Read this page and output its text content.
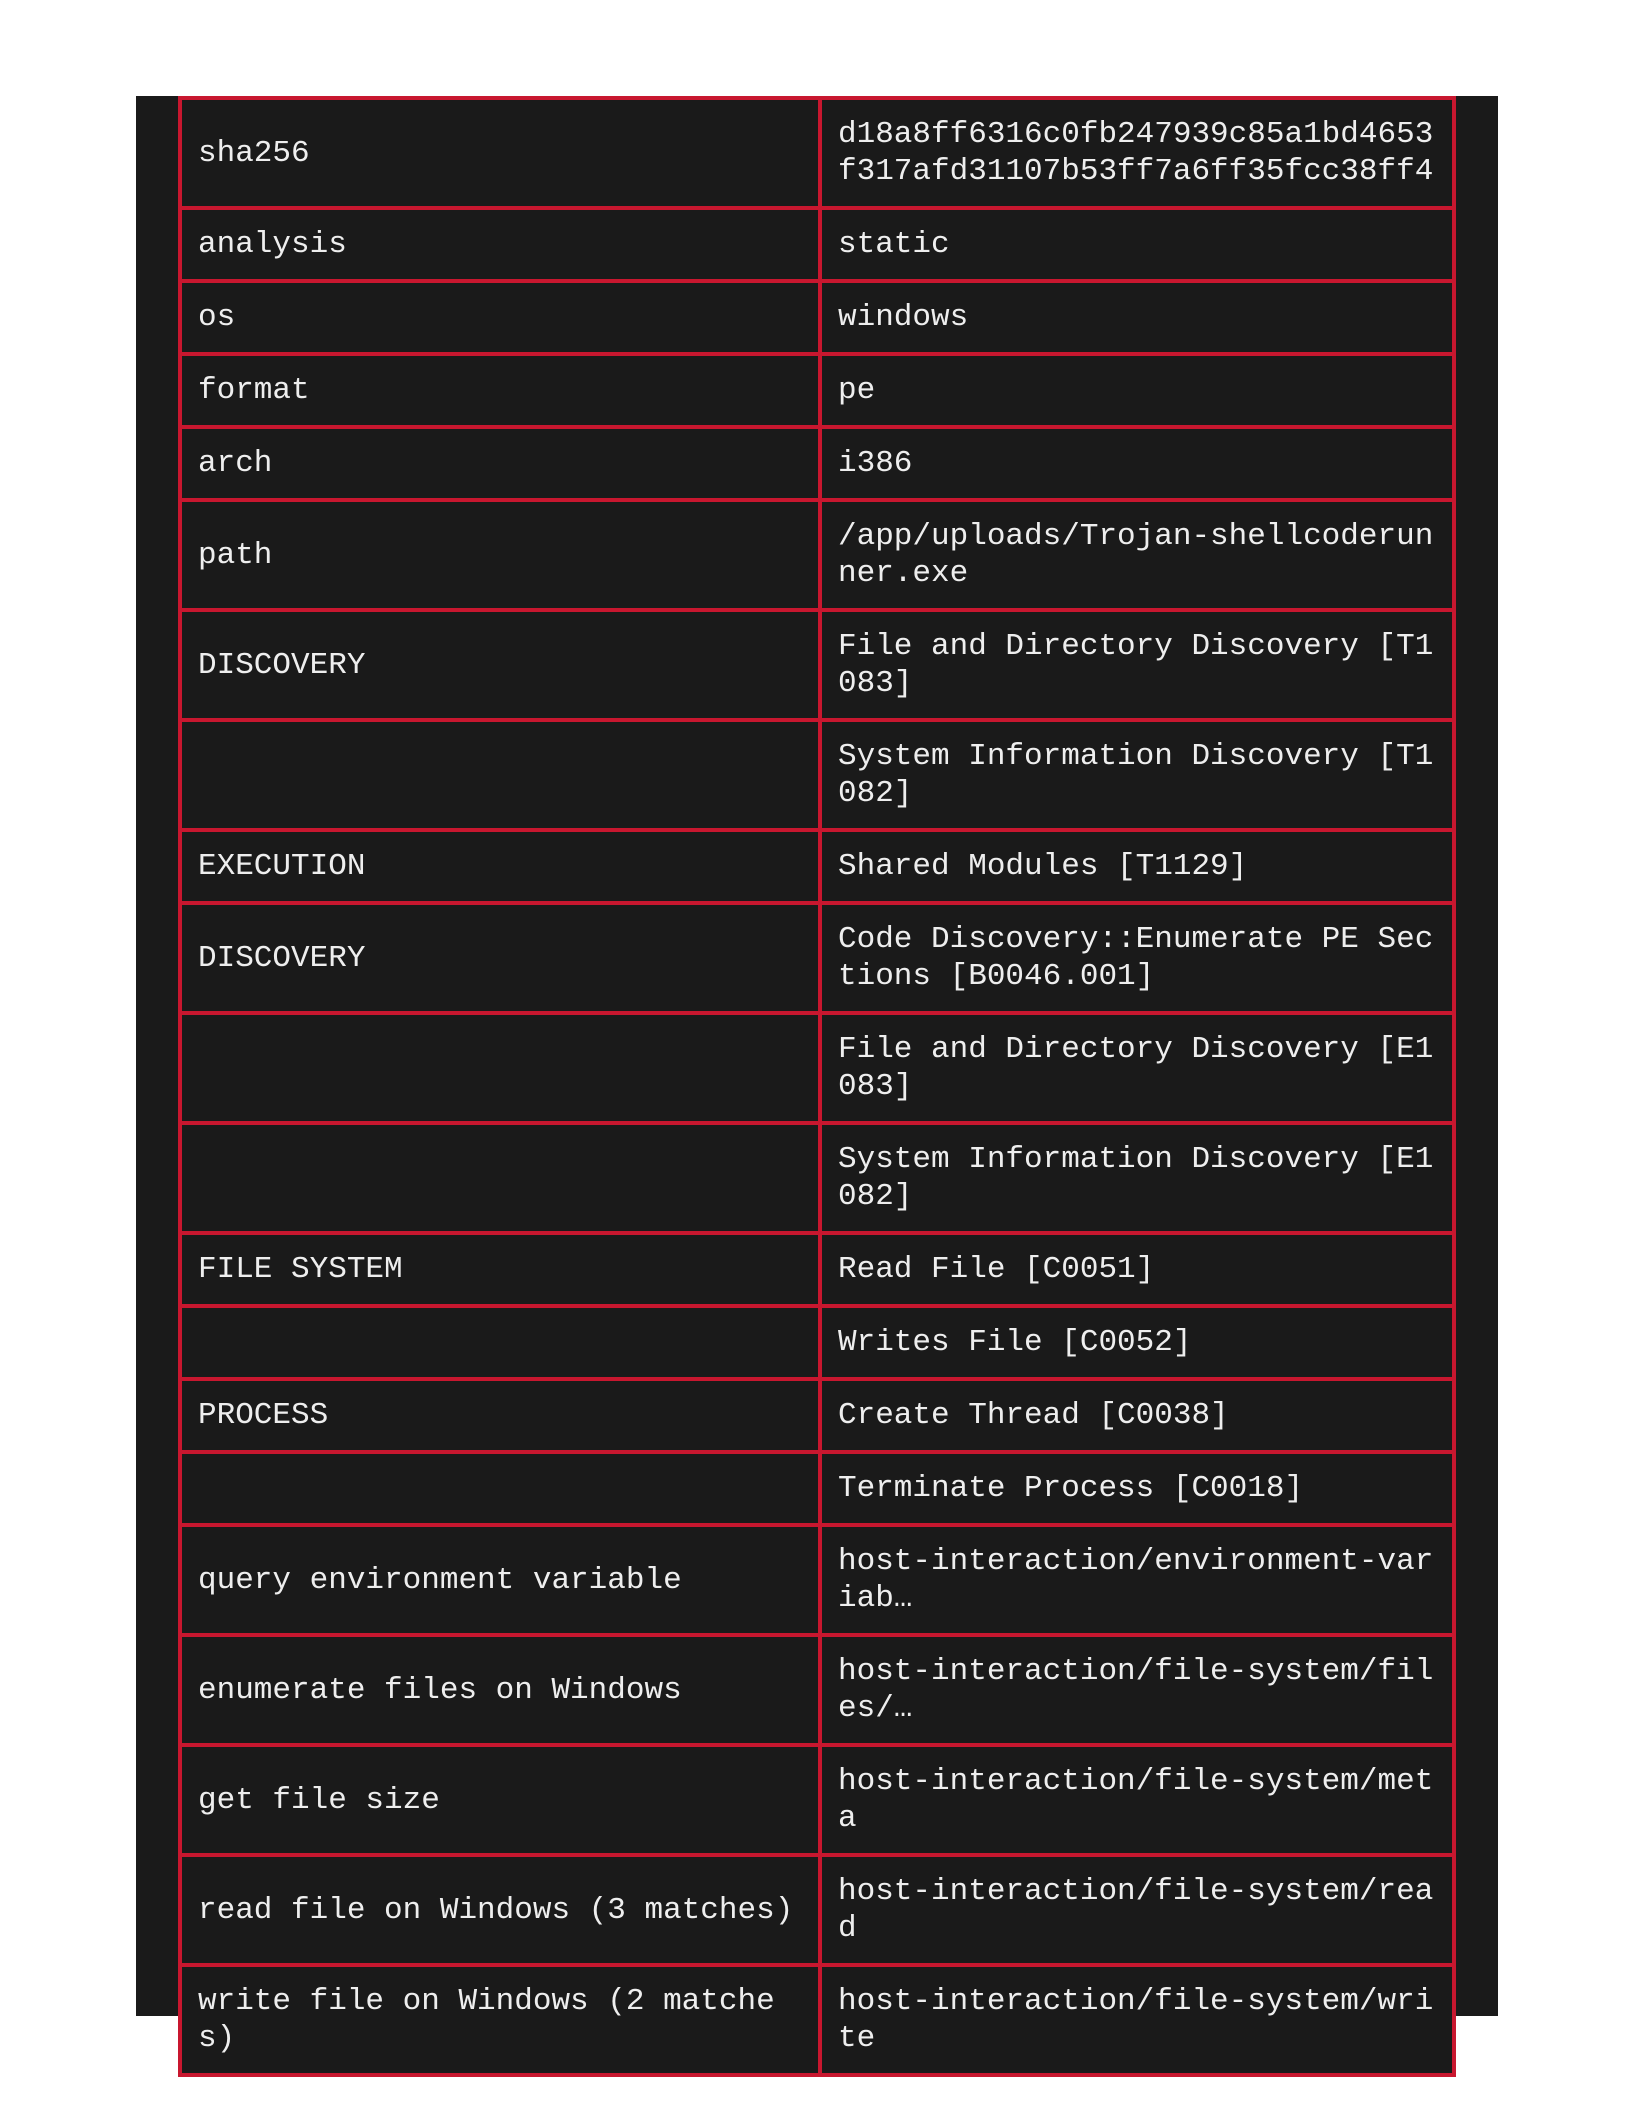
sha256	d18a8ff6316c0fb247939c85a1bd4653f317afd31107b53ff7a6ff35fcc38ff4
analysis	static
os	windows
format	pe
arch	i386
path	/app/uploads/Trojan-shellcoderunner.exe
DISCOVERY	File and Directory Discovery [T1083]
	System Information Discovery [T1082]
EXECUTION	Shared Modules [T1129]
DISCOVERY	Code Discovery::Enumerate PE Sections [B0046.001]
	File and Directory Discovery [E1083]
	System Information Discovery [E1082]
FILE SYSTEM	Read File [C0051]
	Writes File [C0052]
PROCESS	Create Thread [C0038]
	Terminate Process [C0018]
query environment variable	host-interaction/environment-variab…
enumerate files on Windows	host-interaction/file-system/files/…
get file size	host-interaction/file-system/meta
read file on Windows (3 matches)	host-interaction/file-system/read
write file on Windows (2 matches)	host-interaction/file-system/write
